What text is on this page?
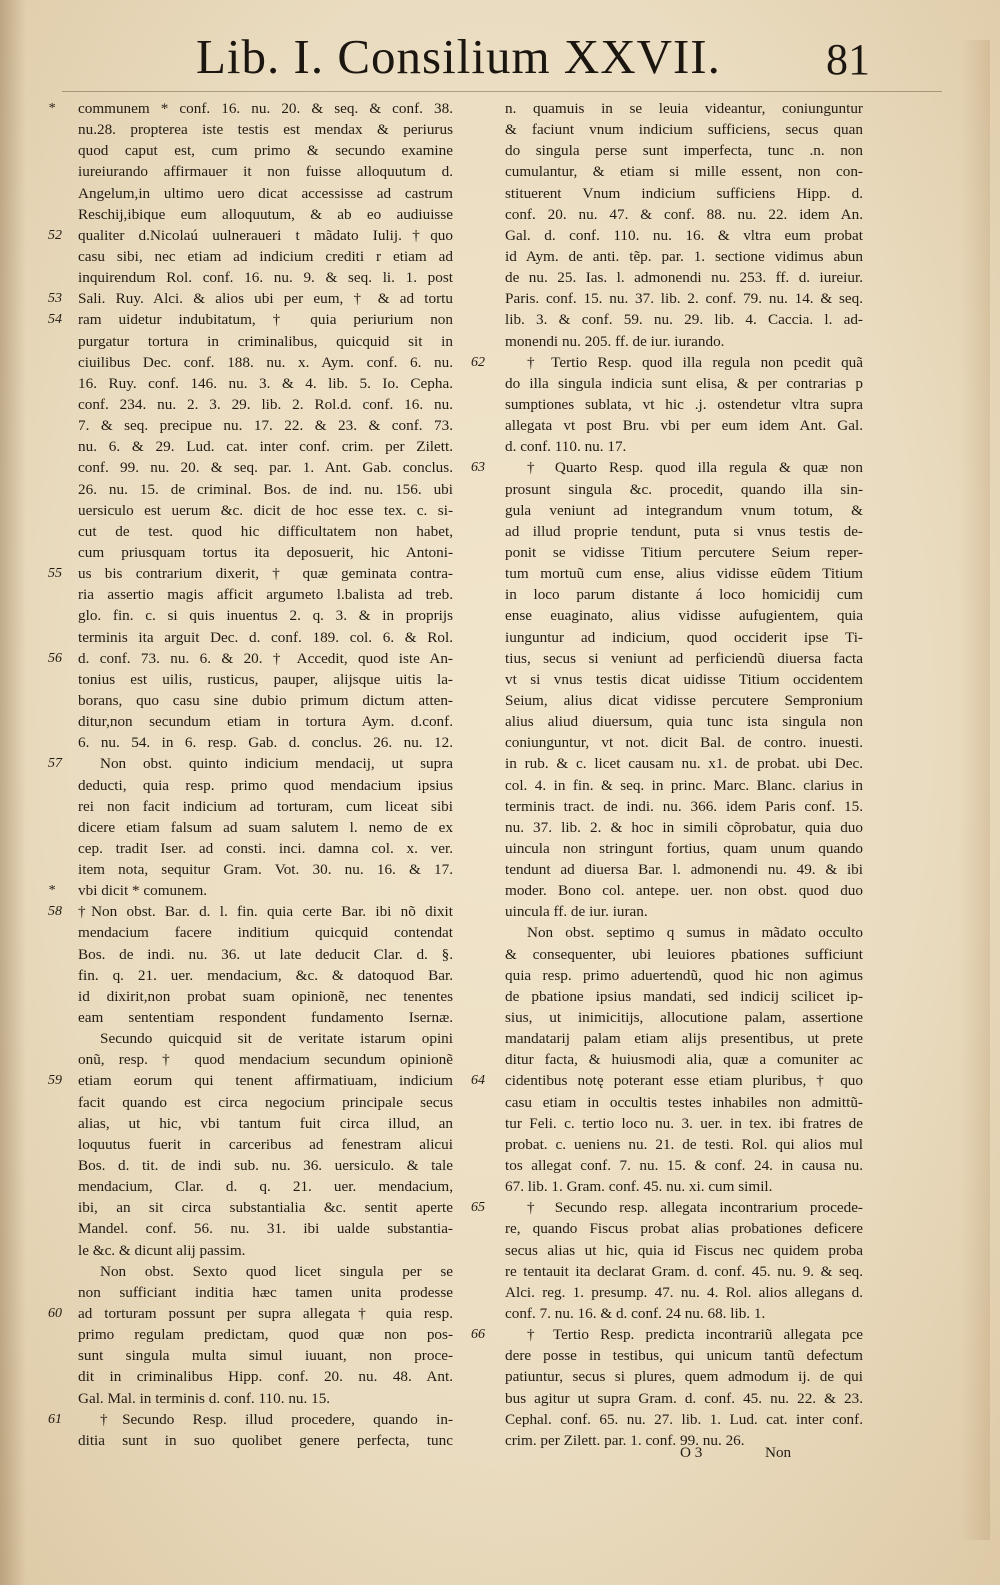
Lib. I. Consilium XXVII. 81
*	communem * conf. 16. nu. 20. & seq. & conf. 38.
nu.28. propterea iste testis est mendax & periurus
quod caput est, cum primo & secundo examine
iureiurando affirmauer it non fuisse alloquutum d.
Angelum,in ultimo uero dicat accessisse ad castrum
Reschij,ibique eum alloquutum, & ab eo audiuisse
52	qualiter d.Nicolaú uulneraueri t mãdato Iulij.†quo
casu sibi, nec etiam ad indicium crediti r etiam ad
inquirendum Rol. conf. 16. nu. 9. & seq. li. 1. post
53	Sali. Ruy. Alci. & alios ubi per eum, † & ad tortu
54	ram uidetur indubitatum, † quia periurium non
purgatur tortura in criminalibus, quicquid sit in
ciuilibus Dec. conf. 188. nu. x. Aym. conf. 6. nu.
16. Ruy. conf. 146. nu. 3. & 4. lib. 5. Io. Cepha.
conf. 234. nu. 2. 3. 29. lib. 2. Rol.d. conf. 16. nu.
7. & seq. precipue nu. 17. 22. & 23. & conf. 73.
nu. 6. & 29. Lud. cat. inter conf. crim. per Zilett.
conf. 99. nu. 20. & seq. par. 1. Ant. Gab. conclus.
26. nu. 15. de criminal. Bos. de ind. nu. 156. ubi
uersiculo est uerum &c. dicit de hoc esse tex. c. si-
cut de test. quod hic difficultatem non habet,
cum priusquam tortus ita deposuerit, hic Antoni-
55	us bis contrarium dixerit, † quæ geminata contra-
ria assertio magis afficit argumeto l.balista ad treb.
glo. fin. c. si quis inuentus 2. q. 3. & in proprijs
terminis ita arguit Dec. d. conf. 189. col. 6. & Rol.
56	d. conf. 73. nu. 6. & 20. † Accedit, quod iste An-
tonius est uilis, rusticus, pauper, alijsque uitis la-
borans, quo casu sine dubio primum dictum atten-
ditur,non secundum etiam in tortura Aym. d.conf.
6. nu. 54. in 6. resp. Gab. d. conclus. 26. nu. 12.
57	Non obst. quinto indicium mendacij, ut supra
deducti, quia resp. primo quod mendacium ipsius
rei non facit indicium ad torturam, cum liceat sibi
dicere etiam falsum ad suam salutem l. nemo de ex
cep. tradit Iser. ad consti. inci. damna col. x. ver.
item nota, sequitur Gram. Vot. 30. nu. 16. & 17.
*	vbi dicit * comunem.
58	†Non obst. Bar. d. l. fin. quia certe Bar. ibi nõ dixit
mendacium facere inditium quicquid contendat
Bos. de indi. nu. 36. ut late deducit Clar. d. §.
fin. q. 21. uer. mendacium, &c. & datoquod Bar.
id dixirit,non probat suam opinionẽ, nec tenentes
eam sententiam respondent fundamento Isernæ.
Secundo quicquid sit de veritate istarum opini
onũ, resp. † quod mendacium secundum opinionẽ
59	etiam eorum qui tenent affirmatiuam, indicium
facit quando est circa negocium principale secus
alias, ut hic, vbi tantum fuit circa illud, an
loquutus fuerit in carceribus ad fenestram alicui
Bos. d. tit. de indi sub. nu. 36. uersiculo. & tale
mendacium, Clar. d. q. 21. uer. mendacium,
ibi, an sit circa substantialia &c. sentit aperte
Mandel. conf. 56. nu. 31. ibi ualde substantia-
le &c. & dicunt alij passim.
Non obst. Sexto quod licet singula per se
non sufficiant inditia hæc tamen unita prodesse
60	ad torturam possunt per supra allegata† quia resp.
primo regulam predictam, quod quæ non pos-
sunt singula multa simul iuuant, non proce-
dit in criminalibus Hipp. conf. 20. nu. 48. Ant.
Gal. Mal. in terminis d. conf. 110. nu. 15.
61	†Secundo Resp. illud procedere, quando in-
ditia sunt in suo quolibet genere perfecta, tunc
n. quamuis in se leuia videantur, coniunguntur
& faciunt vnum indicium sufficiens, secus quan
do singula perse sunt imperfecta, tunc .n. non
cumulantur, & etiam si mille essent, non con-
stituerent Vnum indicium sufficiens Hipp. d.
conf. 20. nu. 47. & conf. 88. nu. 22. idem An.
Gal. d. conf. 110. nu. 16. & vltra eum probat
id Aym. de anti. tẽp. par. 1. sectione vidimus abun
de nu. 25. Ias. l. admonendi nu. 253. ff. d. iureiur.
Paris. conf. 15. nu. 37. lib. 2. conf. 79. nu. 14. & seq.
lib. 3. & conf. 59. nu. 29. lib. 4. Caccia. l. ad-
monendi nu. 205. ff. de iur. iurando.
62	† Tertio Resp. quod illa regula non pcedit quã
do illa singula indicia sunt elisa, & per contrarias p
sumptiones sublata, vt hic .j. ostendetur vltra supra
allegata vt post Bru. vbi per eum idem Ant. Gal.
d. conf. 110. nu. 17.
63	† Quarto Resp. quod illa regula & quæ non
prosunt singula &c. procedit, quando illa sin-
gula veniunt ad integrandum vnum totum, &
ad illud proprie tendunt, puta si vnus testis de-
ponit se vidisse Titium percutere Seium reper-
tum mortuũ cum ense, alius vidisse eũdem Titium
in loco parum distante á loco homicidij cum
ense euaginato, alius vidisse aufugientem, quia
iunguntur ad indicium, quod occiderit ipse Ti-
tius, secus si veniunt ad perficiendũ diuersa facta
vt si vnus testis dicat uidisse Titium occidentem
Seium, alius dicat vidisse percutere Sempronium
alius aliud diuersum, quia tunc ista singula non
coniunguntur, vt not. dicit Bal. de contro. inuesti.
in rub. & c. licet causam nu. x1. de probat. ubi Dec.
col. 4. in fin. & seq. in princ. Marc. Blanc. clarius in
terminis tract. de indi. nu. 366. idem Paris conf. 15.
nu. 37. lib. 2. & hoc in simili cõprobatur, quia duo
uincula non stringunt fortius, quam unum quando
tendunt ad diuersa Bar. l. admonendi nu. 49. & ibi
moder. Bono col. antepe. uer. non obst. quod duo
uincula ff. de iur. iuran.
Non obst. septimo q sumus in mãdato occulto
& consequenter, ubi leuiores pbationes sufficiunt
quia resp. primo aduertendũ, quod hic non agimus
de pbatione ipsius mandati, sed indicij scilicet ip-
sius, ut inimicitijs, allocutione palam, assertione
mandatarij palam etiam alijs presentibus, ut prete
ditur facta, & huiusmodi alia, quæ a comuniter ac
64	cidentibus notę poterant esse etiam pluribus, † quo
casu etiam in occultis testes inhabiles non admittũ-
tur Feli. c. tertio loco nu. 3. uer. in tex. ibi fratres de
probat. c. ueniens nu. 21. de testi. Rol. qui alios mul
tos allegat conf. 7. nu. 15. & conf. 24. in causa nu.
67. lib. 1. Gram. conf. 45. nu. xi. cum simil.
65	† Secundo resp. allegata incontrarium procede-
re, quando Fiscus probat alias probationes deficere
secus alias ut hic, quia id Fiscus nec quidem proba
re tentauit ita declarat Gram. d. conf. 45. nu. 9. & seq.
Alci. reg. 1. presump. 47. nu. 4. Rol. alios allegans d.
conf. 7. nu. 16. & d. conf. 24 nu. 68. lib. 1.
66	† Tertio Resp. predicta incontrariũ allegata pce
dere posse in testibus, qui unicum tantũ defectum
patiuntur, secus si plures, quem admodum ij. de qui
bus agitur ut supra Gram. d. conf. 45. nu. 22. & 23.
Cephal. conf. 65. nu. 27. lib. 1. Lud. cat. inter conf.
crim. per Zilett. par. 1. conf. 99. nu. 26.
O 3	Non
